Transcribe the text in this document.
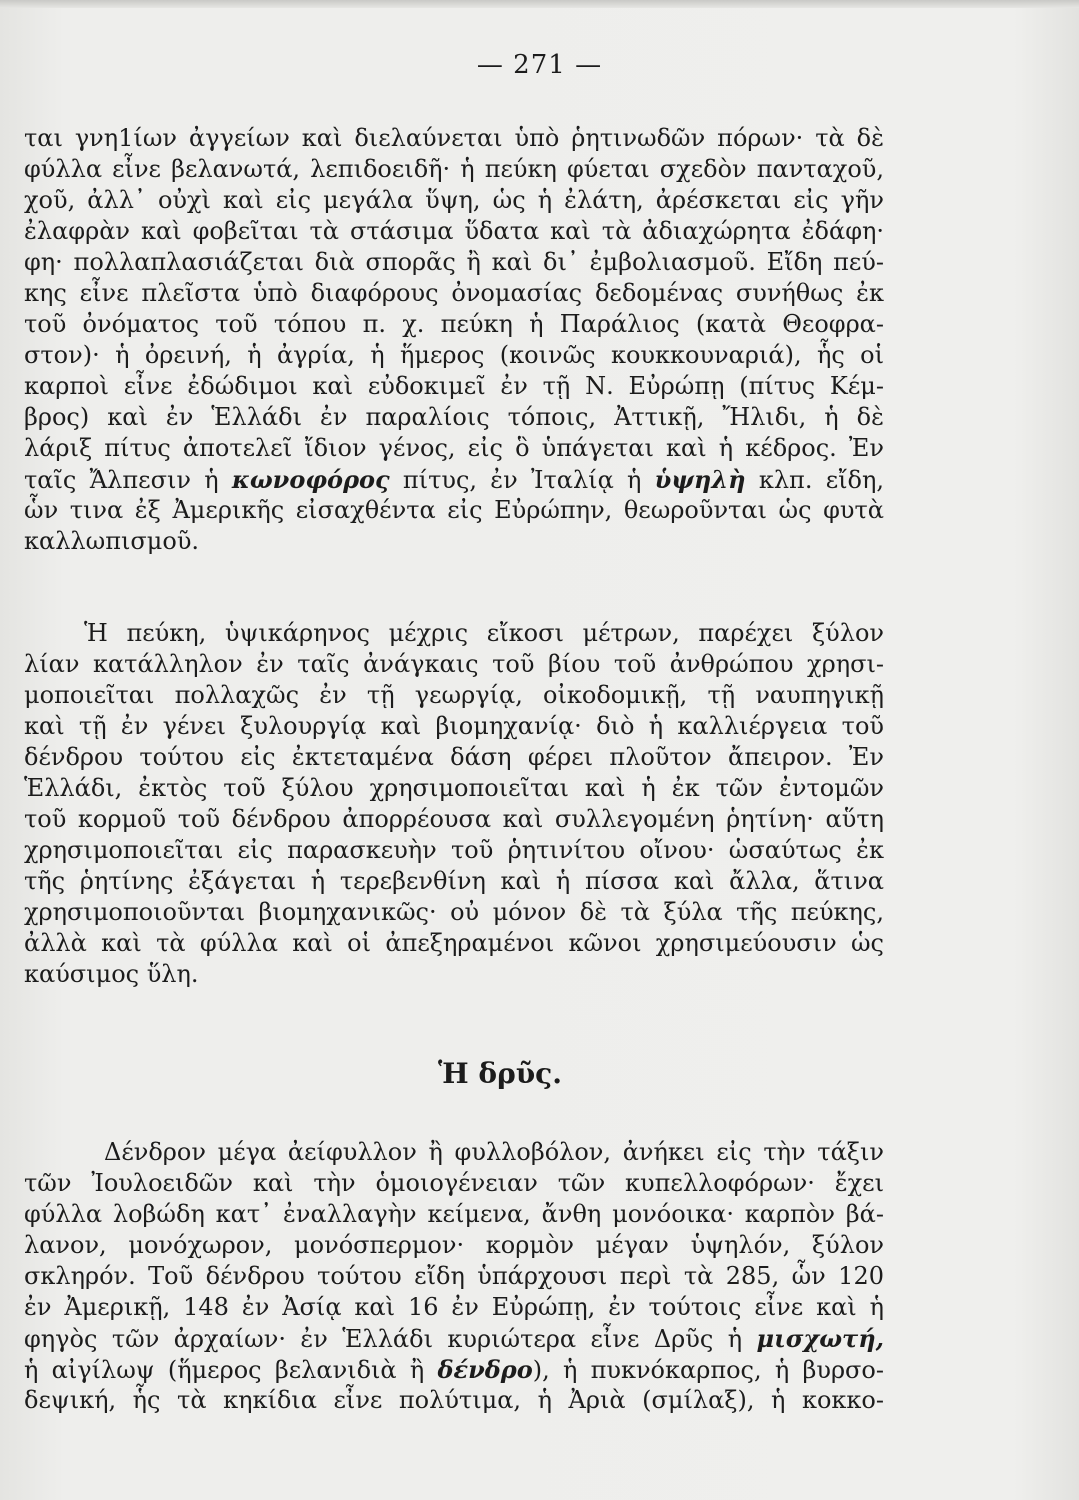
— 271 —
ται γνη1ίων ἀγγείων καὶ διελαύνεται ὑπὸ ῥητινωδῶν πόρων· τὰ δὲ
φύλλα εἶνε βελανωτά, λεπιδοειδῆ· ἡ πεύκη φύεται σχεδὸν πανταχοῦ,
χοῦ, ἀλλ᾽ οὐχὶ καὶ εἰς μεγάλα ὕψη, ὡς ἡ ἐλάτη, ἀρέσκεται εἰς γῆν
ἐλαφρὰν καὶ φοβεῖται τὰ στάσιμα ὕδατα καὶ τὰ ἀδιαχώρητα ἐδάφη·
φη· πολλαπλασιάζεται διὰ σπορᾶς ἢ καὶ δι᾽ ἐμβολιασμοῦ. Εἴδη πεύ-
κης εἶνε πλεῖστα ὑπὸ διαφόρους ὀνομασίας δεδομένας συνήθως ἐκ
τοῦ ὀνόματος τοῦ τόπου π. χ. πεύκη ἡ Παράλιος (κατὰ Θεοφρα-
στον)· ἡ ὀρεινή, ἡ ἀγρία, ἡ ἥμερος (κοινῶς κουκκουναριά), ἧς οἱ
καρποὶ εἶνε ἐδώδιμοι καὶ εὐδοκιμεῖ ἐν τῇ Ν. Εὐρώπῃ (πίτυς Κέμ-
βρος) καὶ ἐν Ἑλλάδι ἐν παραλίοις τόποις, Ἀττικῇ, Ἤλιδι, ἡ δὲ
λάριξ πίτυς ἀποτελεῖ ἴδιον γένος, εἰς ὃ ὑπάγεται καὶ ἡ κέδρος. Ἐν
ταῖς Ἄλπεσιν ἡ κωνοφόρος πίτυς, ἐν Ἰταλίᾳ ἡ ὑψηλὴ κλπ. εἴδη,
ὧν τινα ἐξ Ἀμερικῆς εἰσαχθέντα εἰς Εὐρώπην, θεωροῦνται ὡς φυτὰ
καλλωπισμοῦ.
Ἡ πεύκη, ὑψικάρηνος μέχρις εἴκοσι μέτρων, παρέχει ξύλον
λίαν κατάλληλον ἐν ταῖς ἀνάγκαις τοῦ βίου τοῦ ἀνθρώπου χρησι-
μοποιεῖται πολλαχῶς ἐν τῇ γεωργίᾳ, οἰκοδομικῇ, τῇ ναυπηγικῇ
καὶ τῇ ἐν γένει ξυλουργίᾳ καὶ βιομηχανίᾳ· διὸ ἡ καλλιέργεια τοῦ
δένδρου τούτου εἰς ἐκτεταμένα δάση φέρει πλοῦτον ἄπειρον. Ἐν
Ἑλλάδι, ἐκτὸς τοῦ ξύλου χρησιμοποιεῖται καὶ ἡ ἐκ τῶν ἐντομῶν
τοῦ κορμοῦ τοῦ δένδρου ἀπορρέουσα καὶ συλλεγομένη ῥητίνη· αὕτη
χρησιμοποιεῖται εἰς παρασκευὴν τοῦ ῥητινίτου οἴνου· ὡσαύτως ἐκ
τῆς ῥητίνης ἐξάγεται ἡ τερεβενθίνη καὶ ἡ πίσσα καὶ ἄλλα, ἅτινα
χρησιμοποιοῦνται βιομηχανικῶς· οὐ μόνον δὲ τὰ ξύλα τῆς πεύκης,
ἀλλὰ καὶ τὰ φύλλα καὶ οἱ ἀπεξηραμένοι κῶνοι χρησιμεύουσιν ὡς
καύσιμος ὕλη.
Ἡ δρῦς.
Δένδρον μέγα ἀείφυλλον ἢ φυλλοβόλον, ἀνήκει εἰς τὴν τάξιν
τῶν Ἰουλοειδῶν καὶ τὴν ὁμοιογένειαν τῶν κυπελλοφόρων· ἔχει
φύλλα λοβώδη κατ᾽ ἐναλλαγὴν κείμενα, ἄνθη μονόοικα· καρπὸν βά-
λανον, μονόχωρον, μονόσπερμον· κορμὸν μέγαν ὑψηλόν, ξύλον
σκληρόν. Τοῦ δένδρου τούτου εἴδη ὑπάρχουσι περὶ τὰ 285, ὧν 120
ἐν Ἀμερικῇ, 148 ἐν Ἀσίᾳ καὶ 16 ἐν Εὐρώπῃ, ἐν τούτοις εἶνε καὶ ἡ
φηγὸς τῶν ἀρχαίων· ἐν Ἑλλάδι κυριώτερα εἶνε Δρῦς ἡ μισχωτή,
ἡ αἰγίλωψ (ἥμερος βελανιδιὰ ἢ δένδρο), ἡ πυκνόκαρπος, ἡ βυρσο-
δεψική, ἧς τὰ κηκίδια εἶνε πολύτιμα, ἡ Ἀριὰ (σμίλαξ), ἡ κοκκο-
